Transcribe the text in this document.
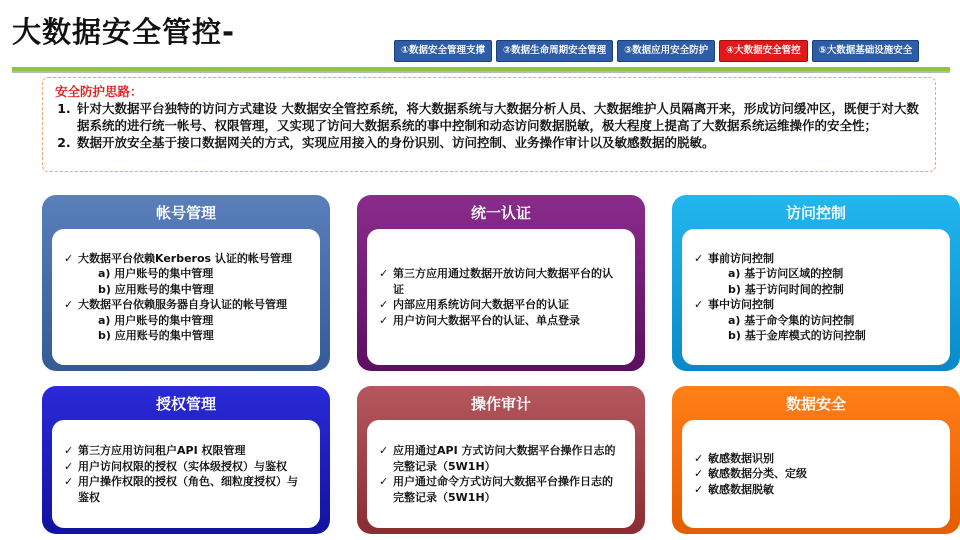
大数据安全管控-
①数据安全管理支撑	②数据生命周期安全管理	③数据应用安全防护	④大数据安全管控	⑤大数据基础设施安全
安全防护思路：
1. 针对大数据平台独特的访问方式建设 大数据安全管控系统，将大数据系统与大数据分析人员、大数据维护人员隔离开来，形成访问缓冲区，既便于对大数据系统的进行统一帐号、权限管理，又实现了访问大数据系统的事中控制和动态访问数据脱敏，极大程度上提高了大数据系统运维操作的安全性；
2. 数据开放安全基于接口数据网关的方式，实现应用接入的身份识别、访问控制、业务操作审计以及敏感数据的脱敏。
帐号管理
✓ 大数据平台依赖Kerberos 认证的帐号管理
a) 用户账号的集中管理
b) 应用账号的集中管理
✓ 大数据平台依赖服务器自身认证的帐号管理
a) 用户账号的集中管理
b) 应用账号的集中管理
统一认证
✓ 第三方应用通过数据开放访问大数据平台的认证
✓ 内部应用系统访问大数据平台的认证
✓ 用户访问大数据平台的认证、单点登录
访问控制
✓ 事前访问控制
a) 基于访问区域的控制
b) 基于访问时间的控制
✓ 事中访问控制
a) 基于命令集的访问控制
b) 基于金库模式的访问控制
授权管理
✓ 第三方应用访问租户API 权限管理
✓ 用户访问权限的授权（实体级授权）与鉴权
✓ 用户操作权限的授权（角色、细粒度授权）与鉴权
操作审计
✓ 应用通过API 方式访问大数据平台操作日志的完整记录（5W1H）
✓ 用户通过命令方式访问大数据平台操作日志的完整记录（5W1H）
数据安全
✓ 敏感数据识别
✓ 敏感数据分类、定级
✓ 敏感数据脱敏
